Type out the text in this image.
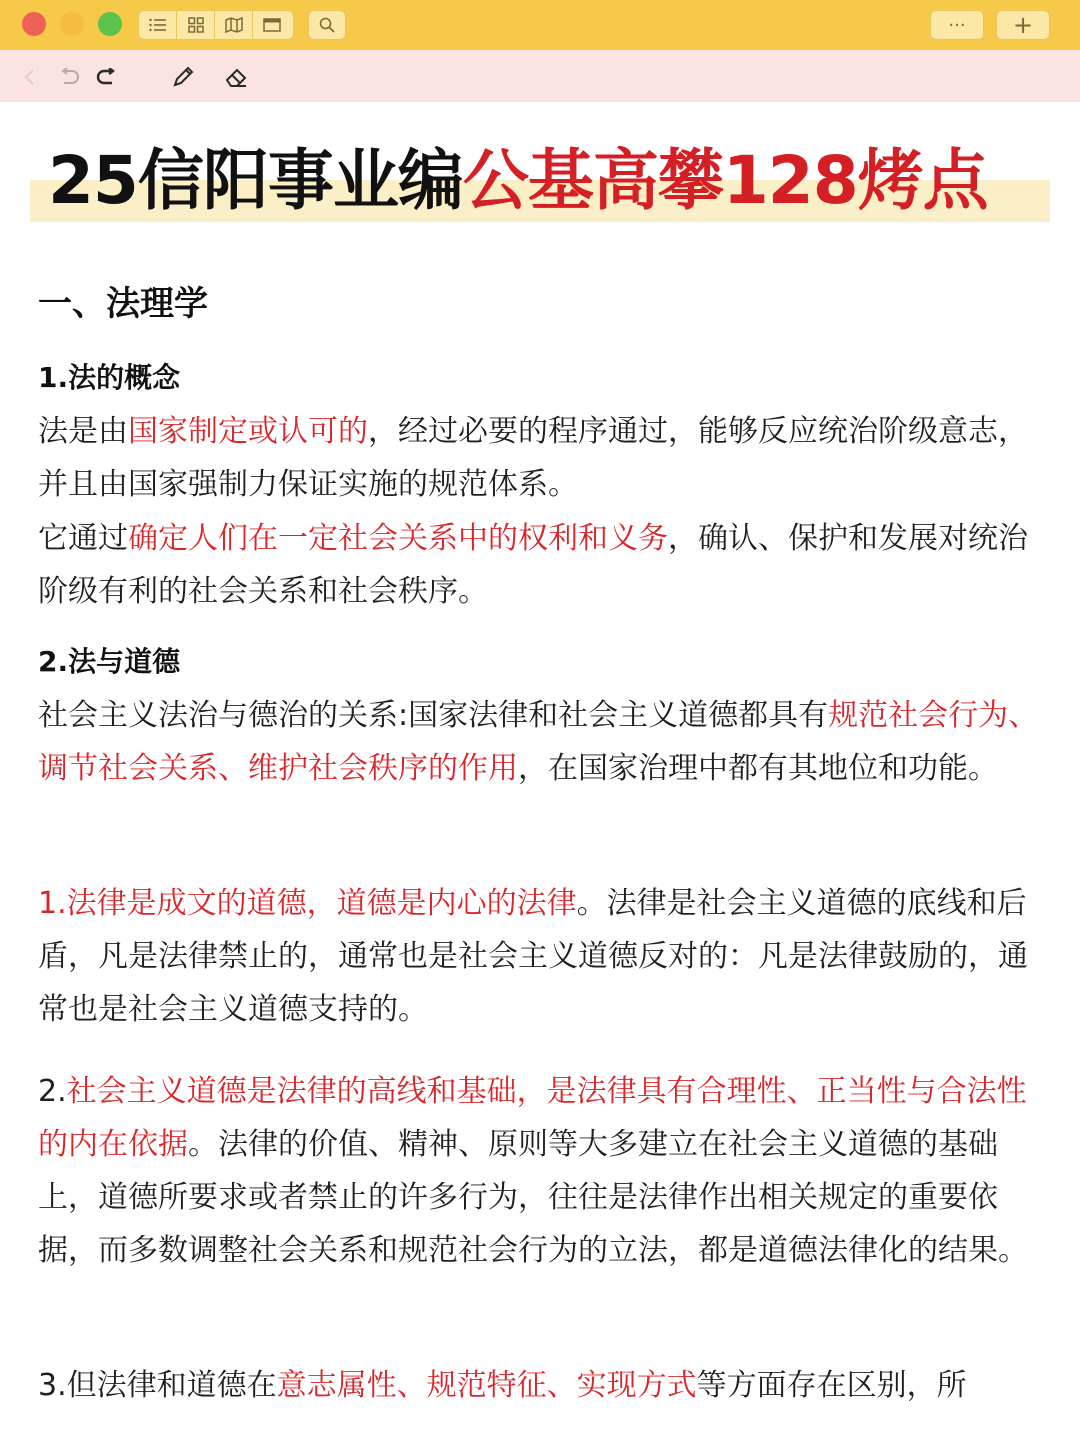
··· +
25信阳事业编公基高攀128烤点
一、法理学
1.法的概念
法是由国家制定或认可的，经过必要的程序通过，能够反应统治阶级意志，并且由国家强制力保证实施的规范体系。
它通过确定人们在一定社会关系中的权利和义务，确认、保护和发展对统治阶级有利的社会关系和社会秩序。
2.法与道德
社会主义法治与德治的关系:国家法律和社会主义道德都具有规范社会行为、调节社会关系、维护社会秩序的作用，在国家治理中都有其地位和功能。
1.法律是成文的道德，道德是内心的法律。法律是社会主义道德的底线和后盾，凡是法律禁止的，通常也是社会主义道德反对的：凡是法律鼓励的，通常也是社会主义道德支持的。
2.社会主义道德是法律的高线和基础，是法律具有合理性、正当性与合法性的内在依据。法律的价值、精神、原则等大多建立在社会主义道德的基础上，道德所要求或者禁止的许多行为，往往是法律作出相关规定的重要依据，而多数调整社会关系和规范社会行为的立法，都是道德法律化的结果。
3.但法律和道德在意志属性、规范特征、实现方式等方面存在区别，所
